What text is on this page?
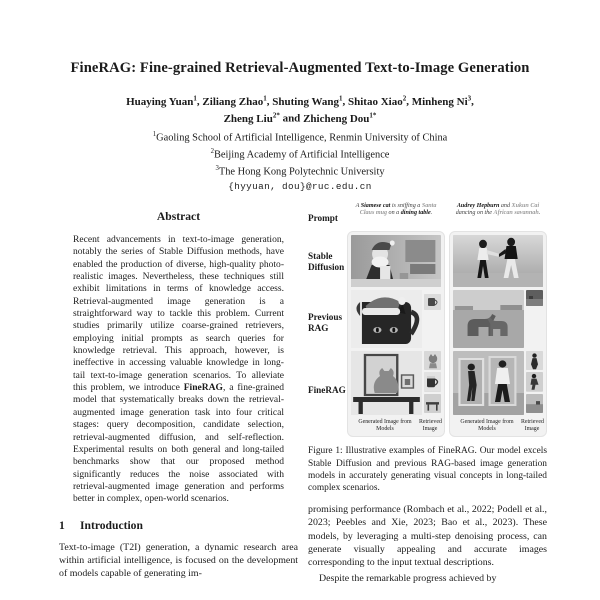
FineRAG: Fine-grained Retrieval-Augmented Text-to-Image Generation
Huaying Yuan$^1$, Ziliang Zhao$^1$, Shuting Wang$^1$, Shitao Xiao$^2$, Minheng Ni$^3$,
Zheng Liu$^{2*}$ and Zhicheng Dou$^{1*}$
$^1$Gaoling School of Artificial Intelligence, Renmin University of China
$^2$Beijing Academy of Artificial Intelligence
$^3$The Hong Kong Polytechnic University
{hyyuan, dou}@ruc.edu.cn
Abstract
Recent advancements in text-to-image generation, notably the series of Stable Diffusion methods, have enabled the production of diverse, high-quality photo-realistic images. Nevertheless, these techniques still exhibit limitations in terms of knowledge access. Retrieval-augmented image generation is a straightforward way to tackle this problem. Current studies primarily utilize coarse-grained retrievers, employing initial prompts as search queries for knowledge retrieval. This approach, however, is ineffective in accessing valuable knowledge in long-tail text-to-image generation scenarios. To alleviate this problem, we introduce FineRAG, a fine-grained model that systematically breaks down the retrieval-augmented image generation task into four critical stages: query decomposition, candidate selection, retrieval-augmented diffusion, and self-reflection. Experimental results on both general and long-tailed benchmarks show that our proposed method significantly reduces the noise associated with retrieval-augmented image generation and performs better in complex, open-world scenarios.
1 Introduction
Text-to-image (T2I) generation, a dynamic research area within artificial intelligence, is focused on the development of models capable of generating im-
Prompt
Stable Diffusion
Previous RAG
FineRAG
A Siamese cat is sniffing a Santa Claus mug on a dining table.
Generated Image from Models
Retrieved Image
Audrey Hepburn and Xukun Cai dancing on the African savannah.
Generated Image from Models
Retrieved Image
Figure 1: Illustrative examples of FineRAG. Our model excels Stable Diffusion and previous RAG-based image generation models in accurately generating visual concepts in long-tailed complex scenarios.
promising performance (Rombach et al., 2022; Podell et al., 2023; Peebles and Xie, 2023; Bao et al., 2023). These models, by leveraging a multi-step denoising process, can generate visually appealing and accurate images corresponding to the input textual descriptions.
Despite the remarkable progress achieved by
